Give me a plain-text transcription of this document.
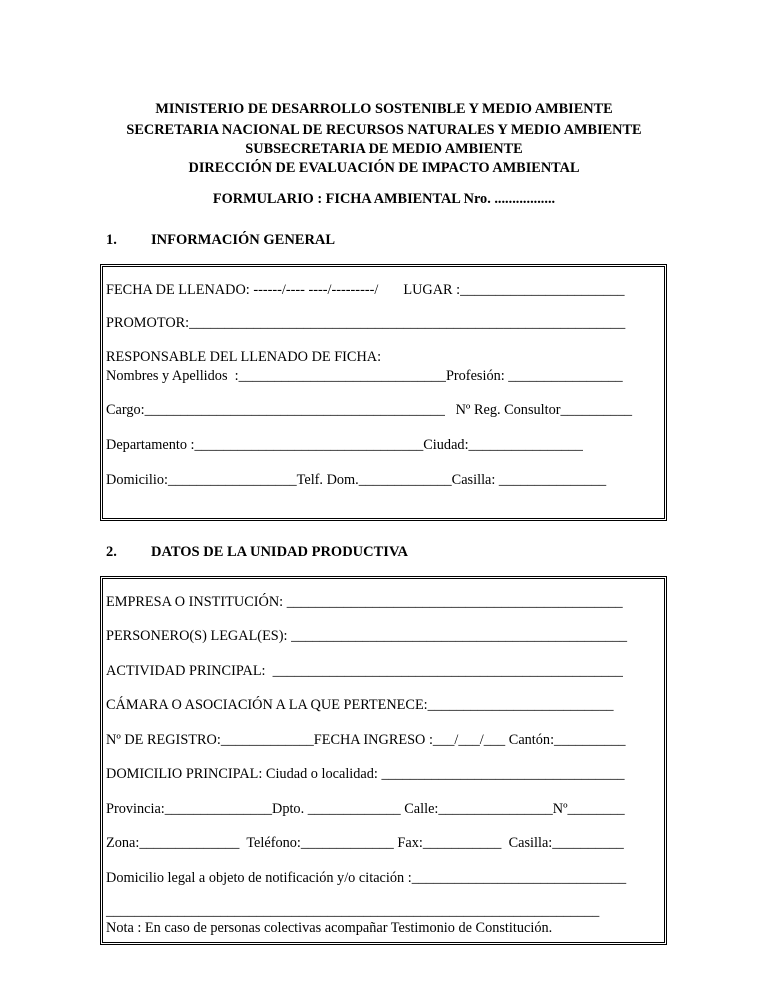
MINISTERIO DE DESARROLLO SOSTENIBLE Y MEDIO AMBIENTE
SECRETARIA NACIONAL DE RECURSOS NATURALES Y MEDIO AMBIENTE
SUBSECRETARIA DE MEDIO AMBIENTE
DIRECCIÓN DE EVALUACIÓN DE IMPACTO AMBIENTAL
FORMULARIO : FICHA AMBIENTAL Nro. .................
1. INFORMACIÓN GENERAL
FECHA DE LLENADO: ------/---- ----/---------/       LUGAR :_______________________
PROMOTOR:_____________________________________________________________
RESPONSABLE DEL LLENADO DE FICHA:
Nombres y Apellidos  :_____________________________Profesión: ________________
Cargo:__________________________________________   Nº Reg. Consultor__________
Departamento :________________________________Ciudad:________________
Domicilio:__________________Telf. Dom._____________Casilla: _______________
2. DATOS DE LA UNIDAD PRODUCTIVA
EMPRESA O INSTITUCIÓN: _______________________________________________
PERSONERO(S) LEGAL(ES): _______________________________________________
ACTIVIDAD PRINCIPAL:  _________________________________________________
CÁMARA O ASOCIACIÓN A LA QUE PERTENECE:__________________________
Nº DE REGISTRO:_____________FECHA INGRESO :___/___/___ Cantón:__________
DOMICILIO PRINCIPAL: Ciudad o localidad: __________________________________
Provincia:_______________Dpto. _____________ Calle:________________Nº________
Zona:______________  Teléfono:_____________ Fax:___________  Casilla:__________
Domicilio legal a objeto de notificación y/o citación :______________________________
_____________________________________________________________________
Nota : En caso de personas colectivas acompañar Testimonio de Constitución.
